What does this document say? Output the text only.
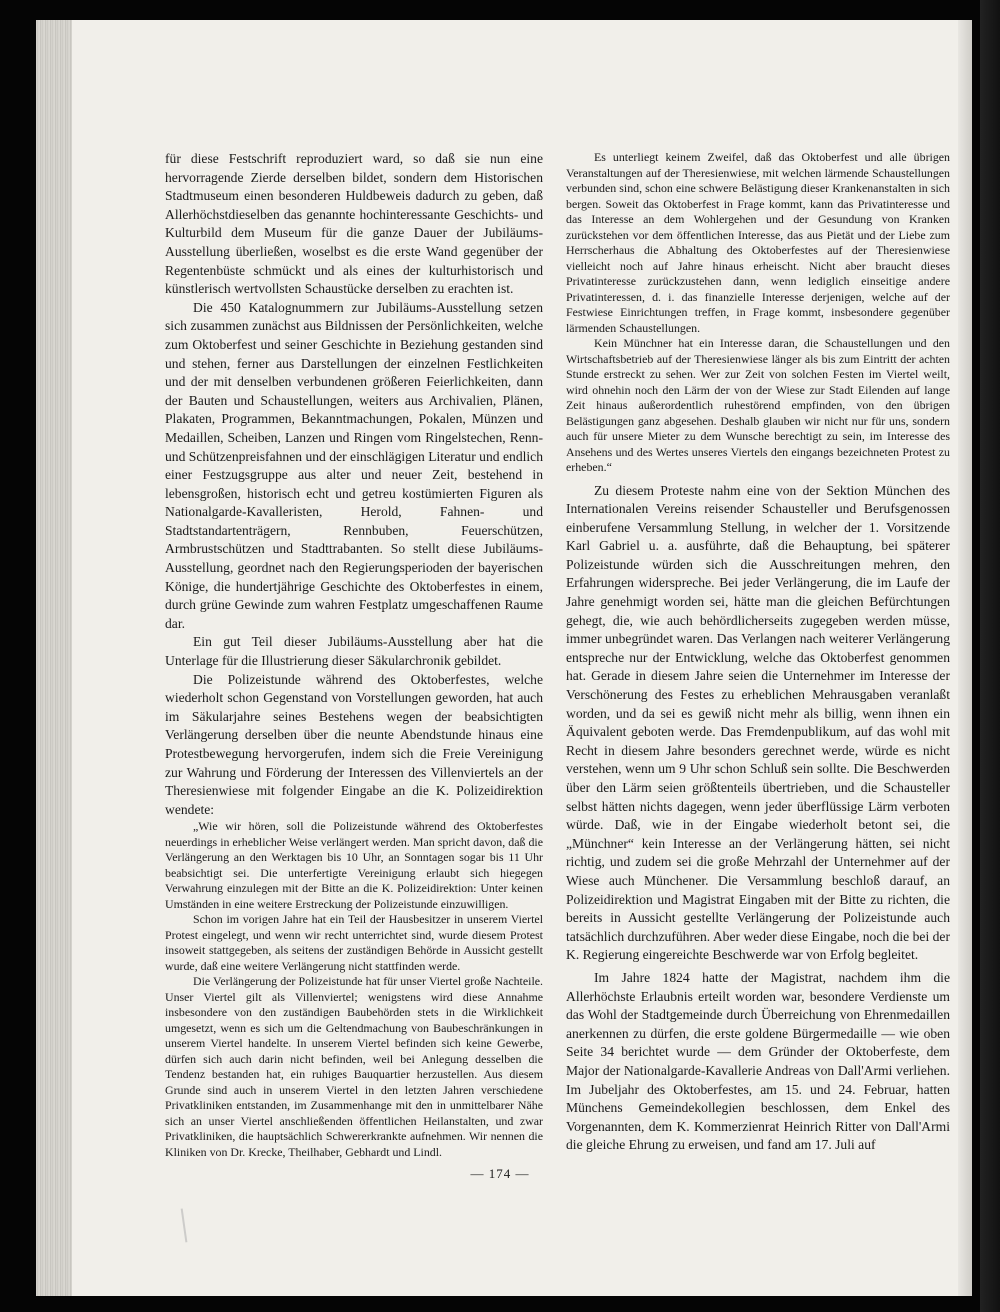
für diese Festschrift reproduziert ward, so daß sie nun eine hervorragende Zierde derselben bildet, sondern dem Historischen Stadtmuseum einen besonderen Huldbeweis dadurch zu geben, daß Allerhöchstdieselben das genannte hochinteressante Geschichts- und Kulturbild dem Museum für die ganze Dauer der Jubiläums-Ausstellung überließen, woselbst es die erste Wand gegenüber der Regentenbüste schmückt und als eines der kulturhistorisch und künstlerisch wertvollsten Schaustücke derselben zu erachten ist.

Die 450 Katalognummern zur Jubiläums-Ausstellung setzen sich zusammen zunächst aus Bildnissen der Persönlichkeiten, welche zum Oktoberfest und seiner Geschichte in Beziehung gestanden sind und stehen, ferner aus Darstellungen der einzelnen Festlichkeiten und der mit denselben verbundenen größeren Feierlichkeiten, dann der Bauten und Schaustellungen, weiters aus Archivalien, Plänen, Plakaten, Programmen, Bekanntmachungen, Pokalen, Münzen und Medaillen, Scheiben, Lanzen und Ringen vom Ringelstechen, Renn- und Schützenpreisfahnen und der einschlägigen Literatur und endlich einer Festzugsgruppe aus alter und neuer Zeit, bestehend in lebensgroßen, historisch echt und getreu kostümierten Figuren als Nationalgarde-Kavalleristen, Herold, Fahnen- und Stadtstandartenträgern, Rennbuben, Feuerschützen, Armbrustschützen und Stadttrabanten. So stellt diese Jubiläums-Ausstellung, geordnet nach den Regierungsperioden der bayerischen Könige, die hundertjährige Geschichte des Oktoberfestes in einem, durch grüne Gewinde zum wahren Festplatz umgeschaffenen Raume dar.

Ein gut Teil dieser Jubiläums-Ausstellung aber hat die Unterlage für die Illustrierung dieser Säkularchronik gebildet.

Die Polizeistunde während des Oktoberfestes, welche wiederholt schon Gegenstand von Vorstellungen geworden, hat auch im Säkularjahre seines Bestehens wegen der beabsichtigten Verlängerung derselben über die neunte Abendstunde hinaus eine Protestbewegung hervorgerufen, indem sich die Freie Vereinigung zur Wahrung und Förderung der Interessen des Villenviertels an der Theresienwiese mit folgender Eingabe an die K. Polizeidirektion wendete:

„Wie wir hören, soll die Polizeistunde während des Oktoberfestes neuerdings in erheblicher Weise verlängert werden. Man spricht davon, daß die Verlängerung an den Werktagen bis 10 Uhr, an Sonntagen sogar bis 11 Uhr beabsichtigt sei. Die unterfertigte Vereinigung erlaubt sich hiegegen Verwahrung einzulegen mit der Bitte an die K. Polizeidirektion: Unter keinen Umständen in eine weitere Erstreckung der Polizeistunde einzuwilligen.

Schon im vorigen Jahre hat ein Teil der Hausbesitzer in unserem Viertel Protest eingelegt, und wenn wir recht unterrichtet sind, wurde diesem Protest insoweit stattgegeben, als seitens der zuständigen Behörde in Aussicht gestellt wurde, daß eine weitere Verlängerung nicht stattfinden werde.

Die Verlängerung der Polizeistunde hat für unser Viertel große Nachteile. Unser Viertel gilt als Villenviertel; wenigstens wird diese Annahme insbesondere von den zuständigen Baubehörden stets in die Wirklichkeit umgesetzt, wenn es sich um die Geltendmachung von Baubeschränkungen in unserem Viertel handelte. In unserem Viertel befinden sich keine Gewerbe, dürfen sich auch darin nicht befinden, weil bei Anlegung desselben die Tendenz bestanden hat, ein ruhiges Bauquartier herzustellen. Aus diesem Grunde sind auch in unserem Viertel in den letzten Jahren verschiedene Privatkliniken entstanden, im Zusammenhange mit den in unmittelbarer Nähe sich an unser Viertel anschließenden öffentlichen Heilanstalten, und zwar Privatkliniken, die hauptsächlich Schwererkrankte aufnehmen. Wir nennen die Kliniken von Dr. Krecke, Theilhaber, Gebhardt und Lindl.

Es unterliegt keinem Zweifel, daß das Oktoberfest und alle übrigen Veranstaltungen auf der Theresienwiese, mit welchen lärmende Schaustellungen verbunden sind, schon eine schwere Belästigung dieser Krankenanstalten in sich bergen. Soweit das Oktoberfest in Frage kommt, kann das Privatinteresse und das Interesse an dem Wohlergehen und der Gesundung von Kranken zurückstehen vor dem öffentlichen Interesse, das aus Pietät und der Liebe zum Herrscherhaus die Abhaltung des Oktoberfestes auf der Theresienwiese vielleicht noch auf Jahre hinaus erheischt. Nicht aber braucht dieses Privatinteresse zurückzustehen dann, wenn lediglich einseitige andere Privatinteressen, d. i. das finanzielle Interesse derjenigen, welche auf der Festwiese Einrichtungen treffen, in Frage kommt, insbesondere gegenüber lärmenden Schaustellungen.

Kein Münchner hat ein Interesse daran, die Schaustellungen und den Wirtschaftsbetrieb auf der Theresienwiese länger als bis zum Eintritt der achten Stunde erstreckt zu sehen. Wer zur Zeit von solchen Festen im Viertel weilt, wird ohnehin noch den Lärm der von der Wiese zur Stadt Eilenden auf lange Zeit hinaus außerordentlich ruhestörend empfinden, von den übrigen Belästigungen ganz abgesehen. Deshalb glauben wir nicht nur für uns, sondern auch für unsere Mieter zu dem Wunsche berechtigt zu sein, im Interesse des Ansehens und des Wertes unseres Viertels den eingangs bezeichneten Protest zu erheben.“

Zu diesem Proteste nahm eine von der Sektion München des Internationalen Vereins reisender Schausteller und Berufsgenossen einberufene Versammlung Stellung, in welcher der 1. Vorsitzende Karl Gabriel u. a. ausführte, daß die Behauptung, bei späterer Polizeistunde würden sich die Ausschreitungen mehren, den Erfahrungen widerspreche. Bei jeder Verlängerung, die im Laufe der Jahre genehmigt worden sei, hätte man die gleichen Befürchtungen gehegt, die, wie auch behördlicherseits zugegeben werden müsse, immer unbegründet waren. Das Verlangen nach weiterer Verlängerung entspreche nur der Entwicklung, welche das Oktoberfest genommen hat. Gerade in diesem Jahre seien die Unternehmer im Interesse der Verschönerung des Festes zu erheblichen Mehrausgaben veranlaßt worden, und da sei es gewiß nicht mehr als billig, wenn ihnen ein Äquivalent geboten werde. Das Fremdenpublikum, auf das wohl mit Recht in diesem Jahre besonders gerechnet werde, würde es nicht verstehen, wenn um 9 Uhr schon Schluß sein sollte. Die Beschwerden über den Lärm seien größtenteils übertrieben, und die Schausteller selbst hätten nichts dagegen, wenn jeder überflüssige Lärm verboten würde. Daß, wie in der Eingabe wiederholt betont sei, die „Münchner“ kein Interesse an der Verlängerung hätten, sei nicht richtig, und zudem sei die große Mehrzahl der Unternehmer auf der Wiese auch Münchener. Die Versammlung beschloß darauf, an Polizeidirektion und Magistrat Eingaben mit der Bitte zu richten, die bereits in Aussicht gestellte Verlängerung der Polizeistunde auch tatsächlich durchzuführen. Aber weder diese Eingabe, noch die bei der K. Regierung eingereichte Beschwerde war von Erfolg begleitet.

Im Jahre 1824 hatte der Magistrat, nachdem ihm die Allerhöchste Erlaubnis erteilt worden war, besondere Verdienste um das Wohl der Stadtgemeinde durch Überreichung von Ehrenmedaillen anerkennen zu dürfen, die erste goldene Bürgermedaille — wie oben Seite 34 berichtet wurde — dem Gründer der Oktoberfeste, dem Major der Nationalgarde-Kavallerie Andreas von Dall'Armi verliehen. Im Jubeljahr des Oktoberfestes, am 15. und 24. Februar, hatten Münchens Gemeindekollegien beschlossen, dem Enkel des Vorgenannten, dem K. Kommerzienrat Heinrich Ritter von Dall'Armi die gleiche Ehrung zu erweisen, und fand am 17. Juli auf

— 174 —
